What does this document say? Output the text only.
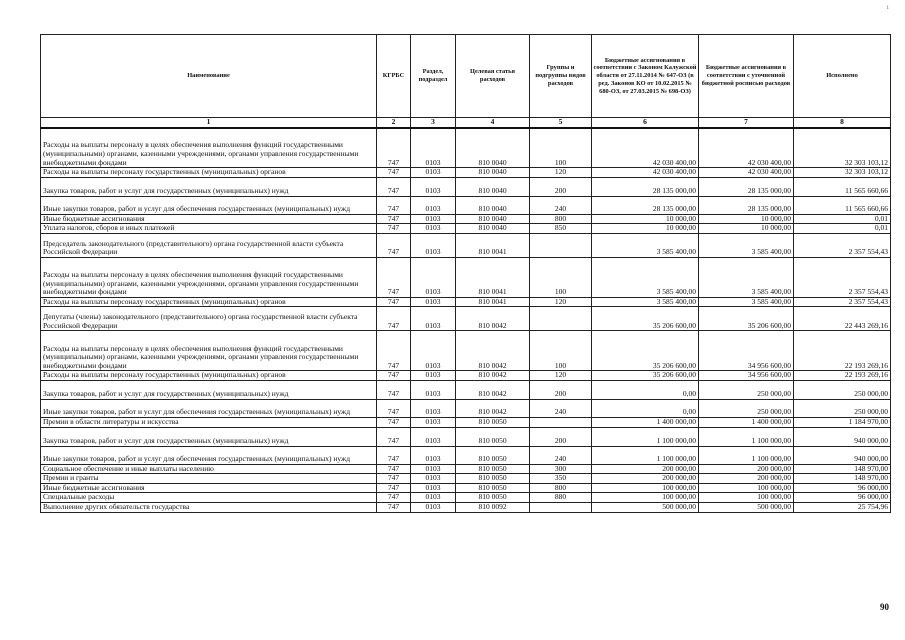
1
Наименование	КГРБС	Раздел, подраздел	Целевая статья расходов	Группы и подгруппы видов расходов	Бюджетные ассигнования в соответствии с Законом Калужской области от 27.11.2014 № 647-ОЗ (в ред. Законов КО от 10.02.2015 № 680-ОЗ, от 27.03.2015 № 698-ОЗ)	Бюджетные ассигнования в соответствии с уточненной бюджетной росписью расходов	Исполнено
1	2	3	4	5	6	7	8
Расходы на выплаты персоналу в целях обеспечения выполнения функций государственными (муниципальными) органами, казенными учреждениями, органами управления государственными внебюджетными фондами	747	0103	810 0040	100	42 030 400,00	42 030 400,00	32 303 103,12
Расходы на выплаты персоналу государственных (муниципальных) органов	747	0103	810 0040	120	42 030 400,00	42 030 400,00	32 303 103,12
Закупка товаров, работ и услуг для государственных (муниципальных) нужд	747	0103	810 0040	200	28 135 000,00	28 135 000,00	11 565 660,66
Иные закупки товаров, работ и услуг для обеспечения государственных (муниципальных) нужд	747	0103	810 0040	240	28 135 000,00	28 135 000,00	11 565 660,66
Иные бюджетные ассигнования	747	0103	810 0040	800	10 000,00	10 000,00	0,01
Уплата налогов, сборов и иных платежей	747	0103	810 0040	850	10 000,00	10 000,00	0,01
Председатель законодательного (представительного) органа государственной власти субъекта Российской Федерации	747	0103	810 0041		3 585 400,00	3 585 400,00	2 357 554,43
Расходы на выплаты персоналу в целях обеспечения выполнения функций государственными (муниципальными) органами, казенными учреждениями, органами управления государственными внебюджетными фондами	747	0103	810 0041	100	3 585 400,00	3 585 400,00	2 357 554,43
Расходы на выплаты персоналу государственных (муниципальных) органов	747	0103	810 0041	120	3 585 400,00	3 585 400,00	2 357 554,43
Депутаты (члены) законодательного (представительного) органа государственной власти субъекта Российской Федерации	747	0103	810 0042		35 206 600,00	35 206 600,00	22 443 269,16
Расходы на выплаты персоналу в целях обеспечения выполнения функций государственными (муниципальными) органами, казенными учреждениями, органами управления государственными внебюджетными фондами	747	0103	810 0042	100	35 206 600,00	34 956 600,00	22 193 269,16
Расходы на выплаты персоналу государственных (муниципальных) органов	747	0103	810 0042	120	35 206 600,00	34 956 600,00	22 193 269,16
Закупка товаров, работ и услуг для государственных (муниципальных) нужд	747	0103	810 0042	200	0,00	250 000,00	250 000,00
Иные закупки товаров, работ и услуг для обеспечения государственных (муниципальных) нужд	747	0103	810 0042	240	0,00	250 000,00	250 000,00
Премии в области литературы и искусства	747	0103	810 0050		1 400 000,00	1 400 000,00	1 184 970,00
Закупка товаров, работ и услуг для государственных (муниципальных) нужд	747	0103	810 0050	200	1 100 000,00	1 100 000,00	940 000,00
Иные закупки товаров, работ и услуг для обеспечения государственных (муниципальных) нужд	747	0103	810 0050	240	1 100 000,00	1 100 000,00	940 000,00
Социальное обеспечение и иные выплаты населению	747	0103	810 0050	300	200 000,00	200 000,00	148 970,00
Премии и гранты	747	0103	810 0050	350	200 000,00	200 000,00	148 970,00
Иные бюджетные ассигнования	747	0103	810 0050	800	100 000,00	100 000,00	96 000,00
Специальные расходы	747	0103	810 0050	880	100 000,00	100 000,00	96 000,00
Выполнение других обязательств государства	747	0103	810 0092		500 000,00	500 000,00	25 754,96
90
